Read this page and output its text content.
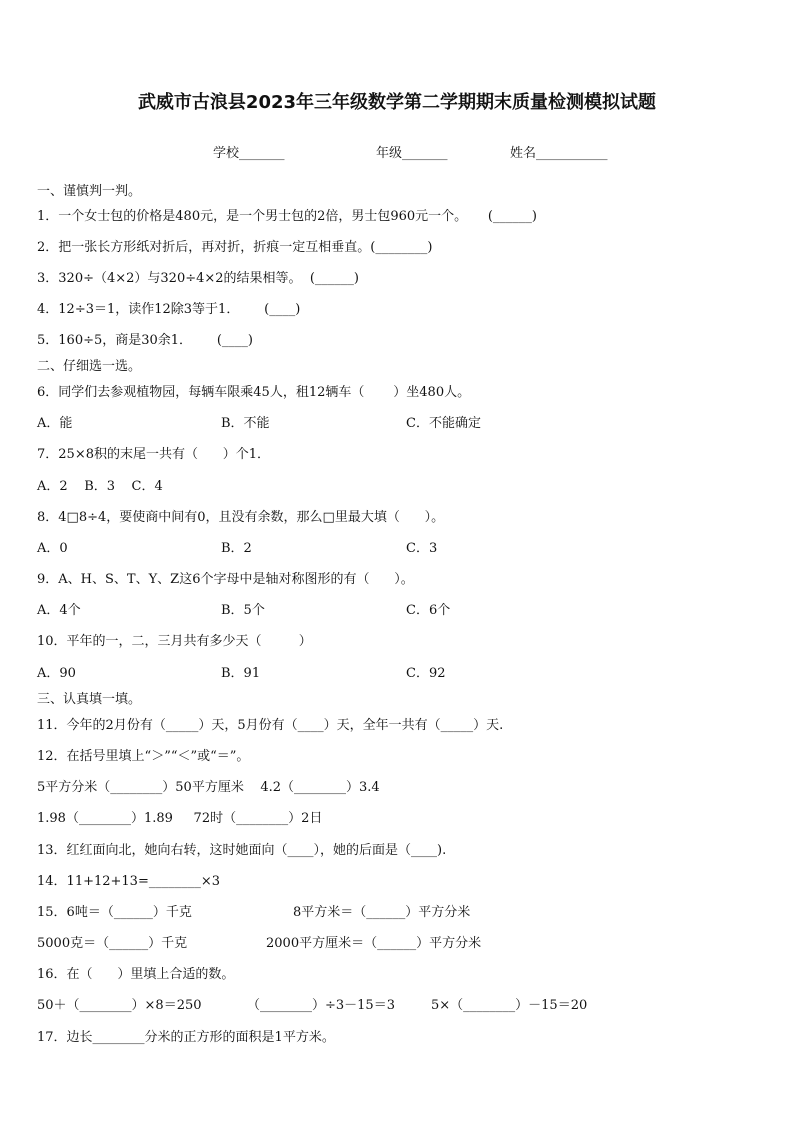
武威市古浪县2023年三年级数学第二学期期末质量检测模拟试题
学校_______	年级_______	姓名___________
一、谨慎判一判。
1．一个女士包的价格是480元，是一个男士包的2倍，男士包960元一个。     (______)
2．把一张长方形纸对折后，再对折，折痕一定互相垂直。(________)
3．320÷（4×2）与320÷4×2的结果相等。  (______)
4．12÷3＝1，读作12除3等于1．      (____)
5．160÷5，商是30余1．      (____)
二、仔细选一选。
6．同学们去参观植物园，每辆车限乘45人，租12辆车（       ）坐480人。
A．能	B．不能	C．不能确定
7．25×8积的末尾一共有（      ）个1．
A．2    B．3    C．4
8．4□8÷4，要使商中间有0，且没有余数，那么□里最大填（      ）。
A．0	B．2	C．3
9．A、H、S、T、Y、Z这6个字母中是轴对称图形的有（      ）。
A．4个	B．5个	C．6个
10．平年的一，二，三月共有多少天（         ）
A．90	B．91	C．92
三、认真填一填。
11．今年的2月份有（_____）天，5月份有（____）天，全年一共有（_____）天.
12．在括号里填上“＞”“＜”或“＝”。
5平方分米（________）50平方厘米    4.2（________）3.4
1.98（________）1.89     72时（________）2日
13．红红面向北，她向右转，这时她面向（____），她的后面是（____).
14．11+12+13=________×3
15．6吨＝（______）千克	8平方米＝（______）平方分米
5000克＝（______）千克	2000平方厘米＝（______）平方分米
16．在（      ）里填上合适的数。
50＋（________）×8＝250	（________）÷3－15＝3	5×（________）－15＝20
17．边长________分米的正方形的面积是1平方米。
